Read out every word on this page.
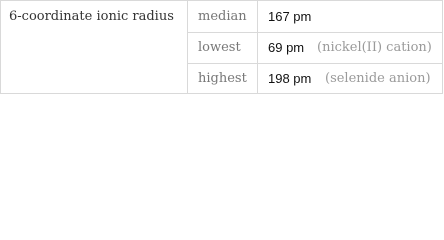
6-coordinate ionic radius median 167 pm
lowest 69 pm (nickel(II) cation)
highest 198 pm (selenide anion)
